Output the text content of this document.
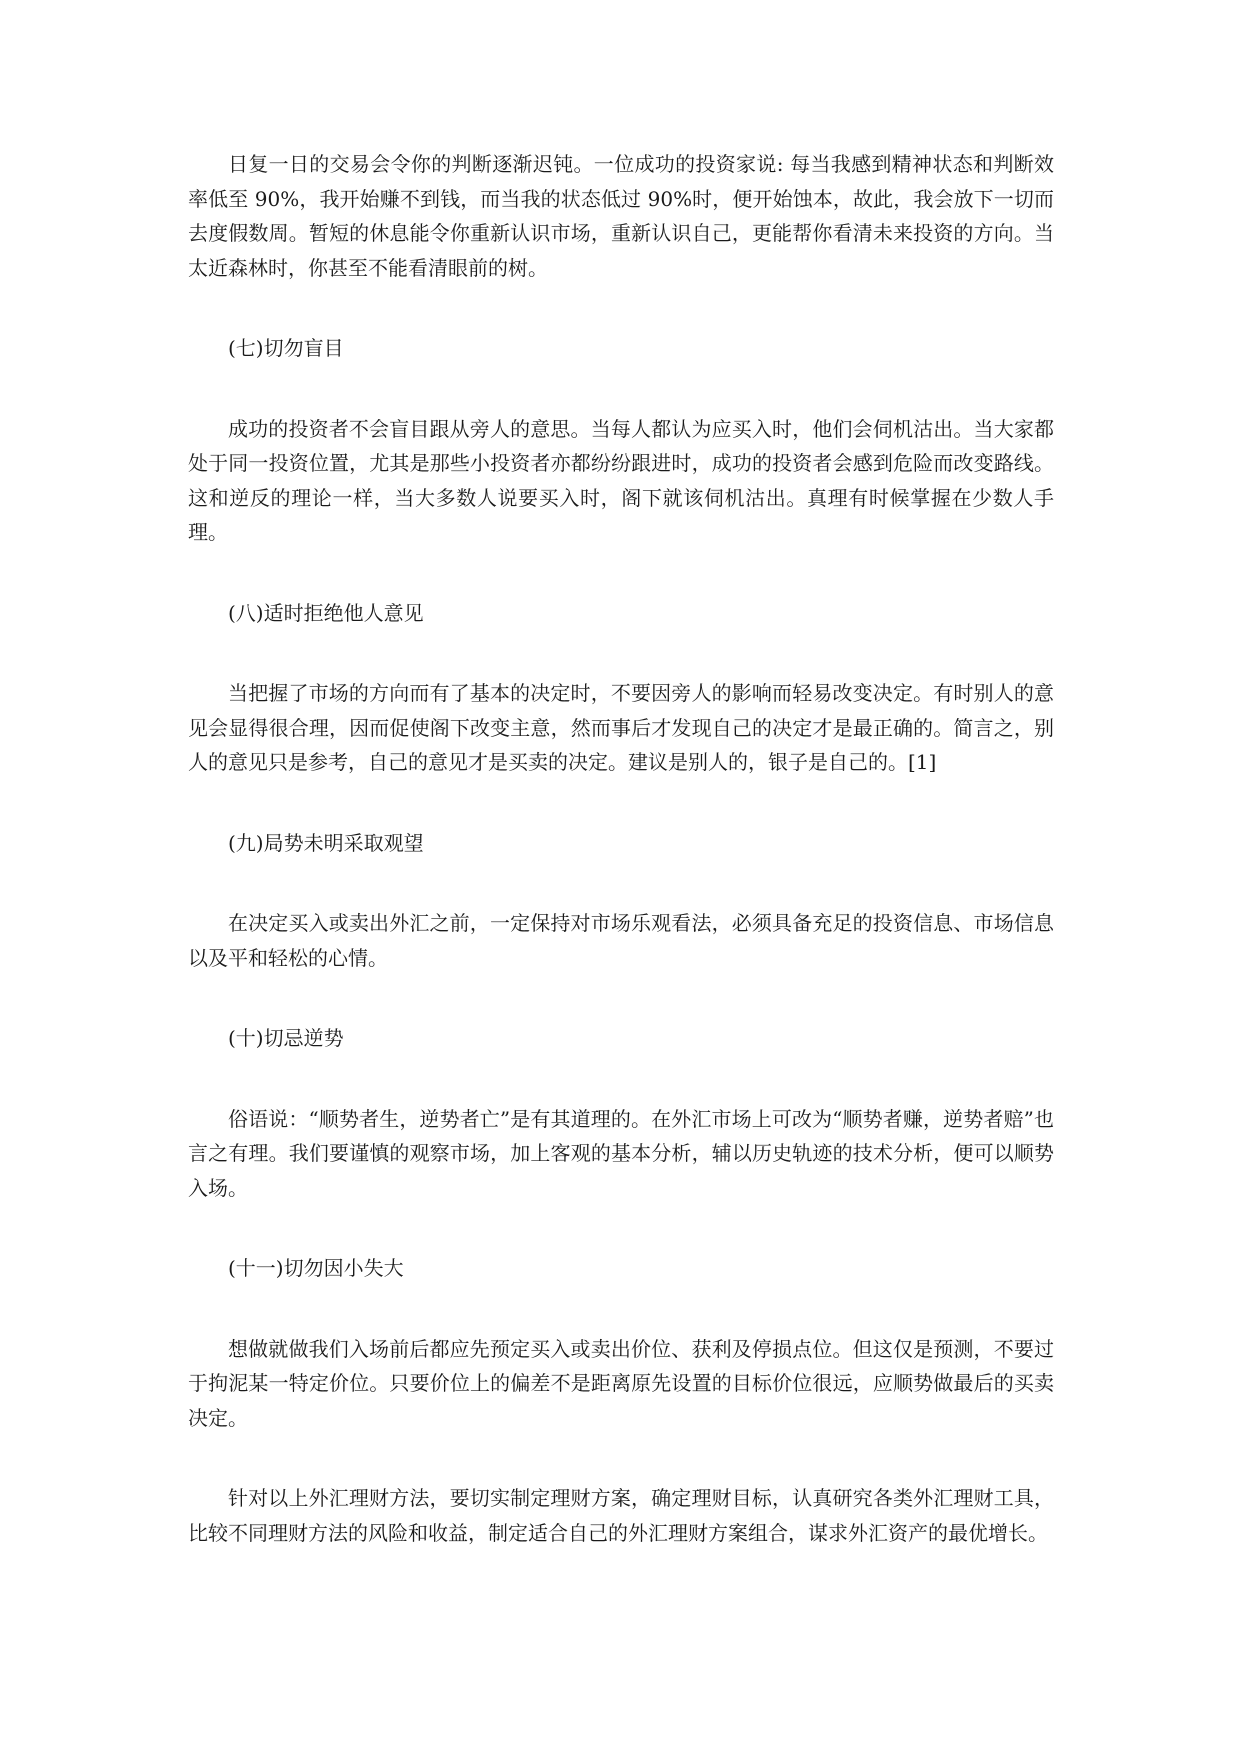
日复一日的交易会令你的判断逐渐迟钝。一位成功的投资家说: 每当我感到精神状态和判断效率低至 90%，我开始赚不到钱，而当我的状态低过 90%时，便开始蚀本，故此，我会放下一切而去度假数周。暂短的休息能令你重新认识市场，重新认识自己，更能帮你看清未来投资的方向。当太近森林时，你甚至不能看清眼前的树。

(七)切勿盲目

成功的投资者不会盲目跟从旁人的意思。当每人都认为应买入时，他们会伺机沽出。当大家都处于同一投资位置，尤其是那些小投资者亦都纷纷跟进时，成功的投资者会感到危险而改变路线。这和逆反的理论一样，当大多数人说要买入时，阁下就该伺机沽出。真理有时候掌握在少数人手理。

(八)适时拒绝他人意见

当把握了市场的方向而有了基本的决定时，不要因旁人的影响而轻易改变决定。有时别人的意见会显得很合理，因而促使阁下改变主意，然而事后才发现自己的决定才是最正确的。简言之，别人的意见只是参考，自己的意见才是买卖的决定。建议是别人的，银子是自己的。[1]

(九)局势未明采取观望

在决定买入或卖出外汇之前，一定保持对市场乐观看法，必须具备充足的投资信息、市场信息以及平和轻松的心情。

(十)切忌逆势

俗语说：“顺势者生，逆势者亡”是有其道理的。在外汇市场上可改为“顺势者赚，逆势者赔”也言之有理。我们要谨慎的观察市场，加上客观的基本分析，辅以历史轨迹的技术分析，便可以顺势入场。

(十一)切勿因小失大

想做就做我们入场前后都应先预定买入或卖出价位、获利及停损点位。但这仅是预测，不要过于拘泥某一特定价位。只要价位上的偏差不是距离原先设置的目标价位很远，应顺势做最后的买卖决定。

针对以上外汇理财方法，要切实制定理财方案，确定理财目标，认真研究各类外汇理财工具，比较不同理财方法的风险和收益，制定适合自己的外汇理财方案组合，谋求外汇资产的最优增长。
